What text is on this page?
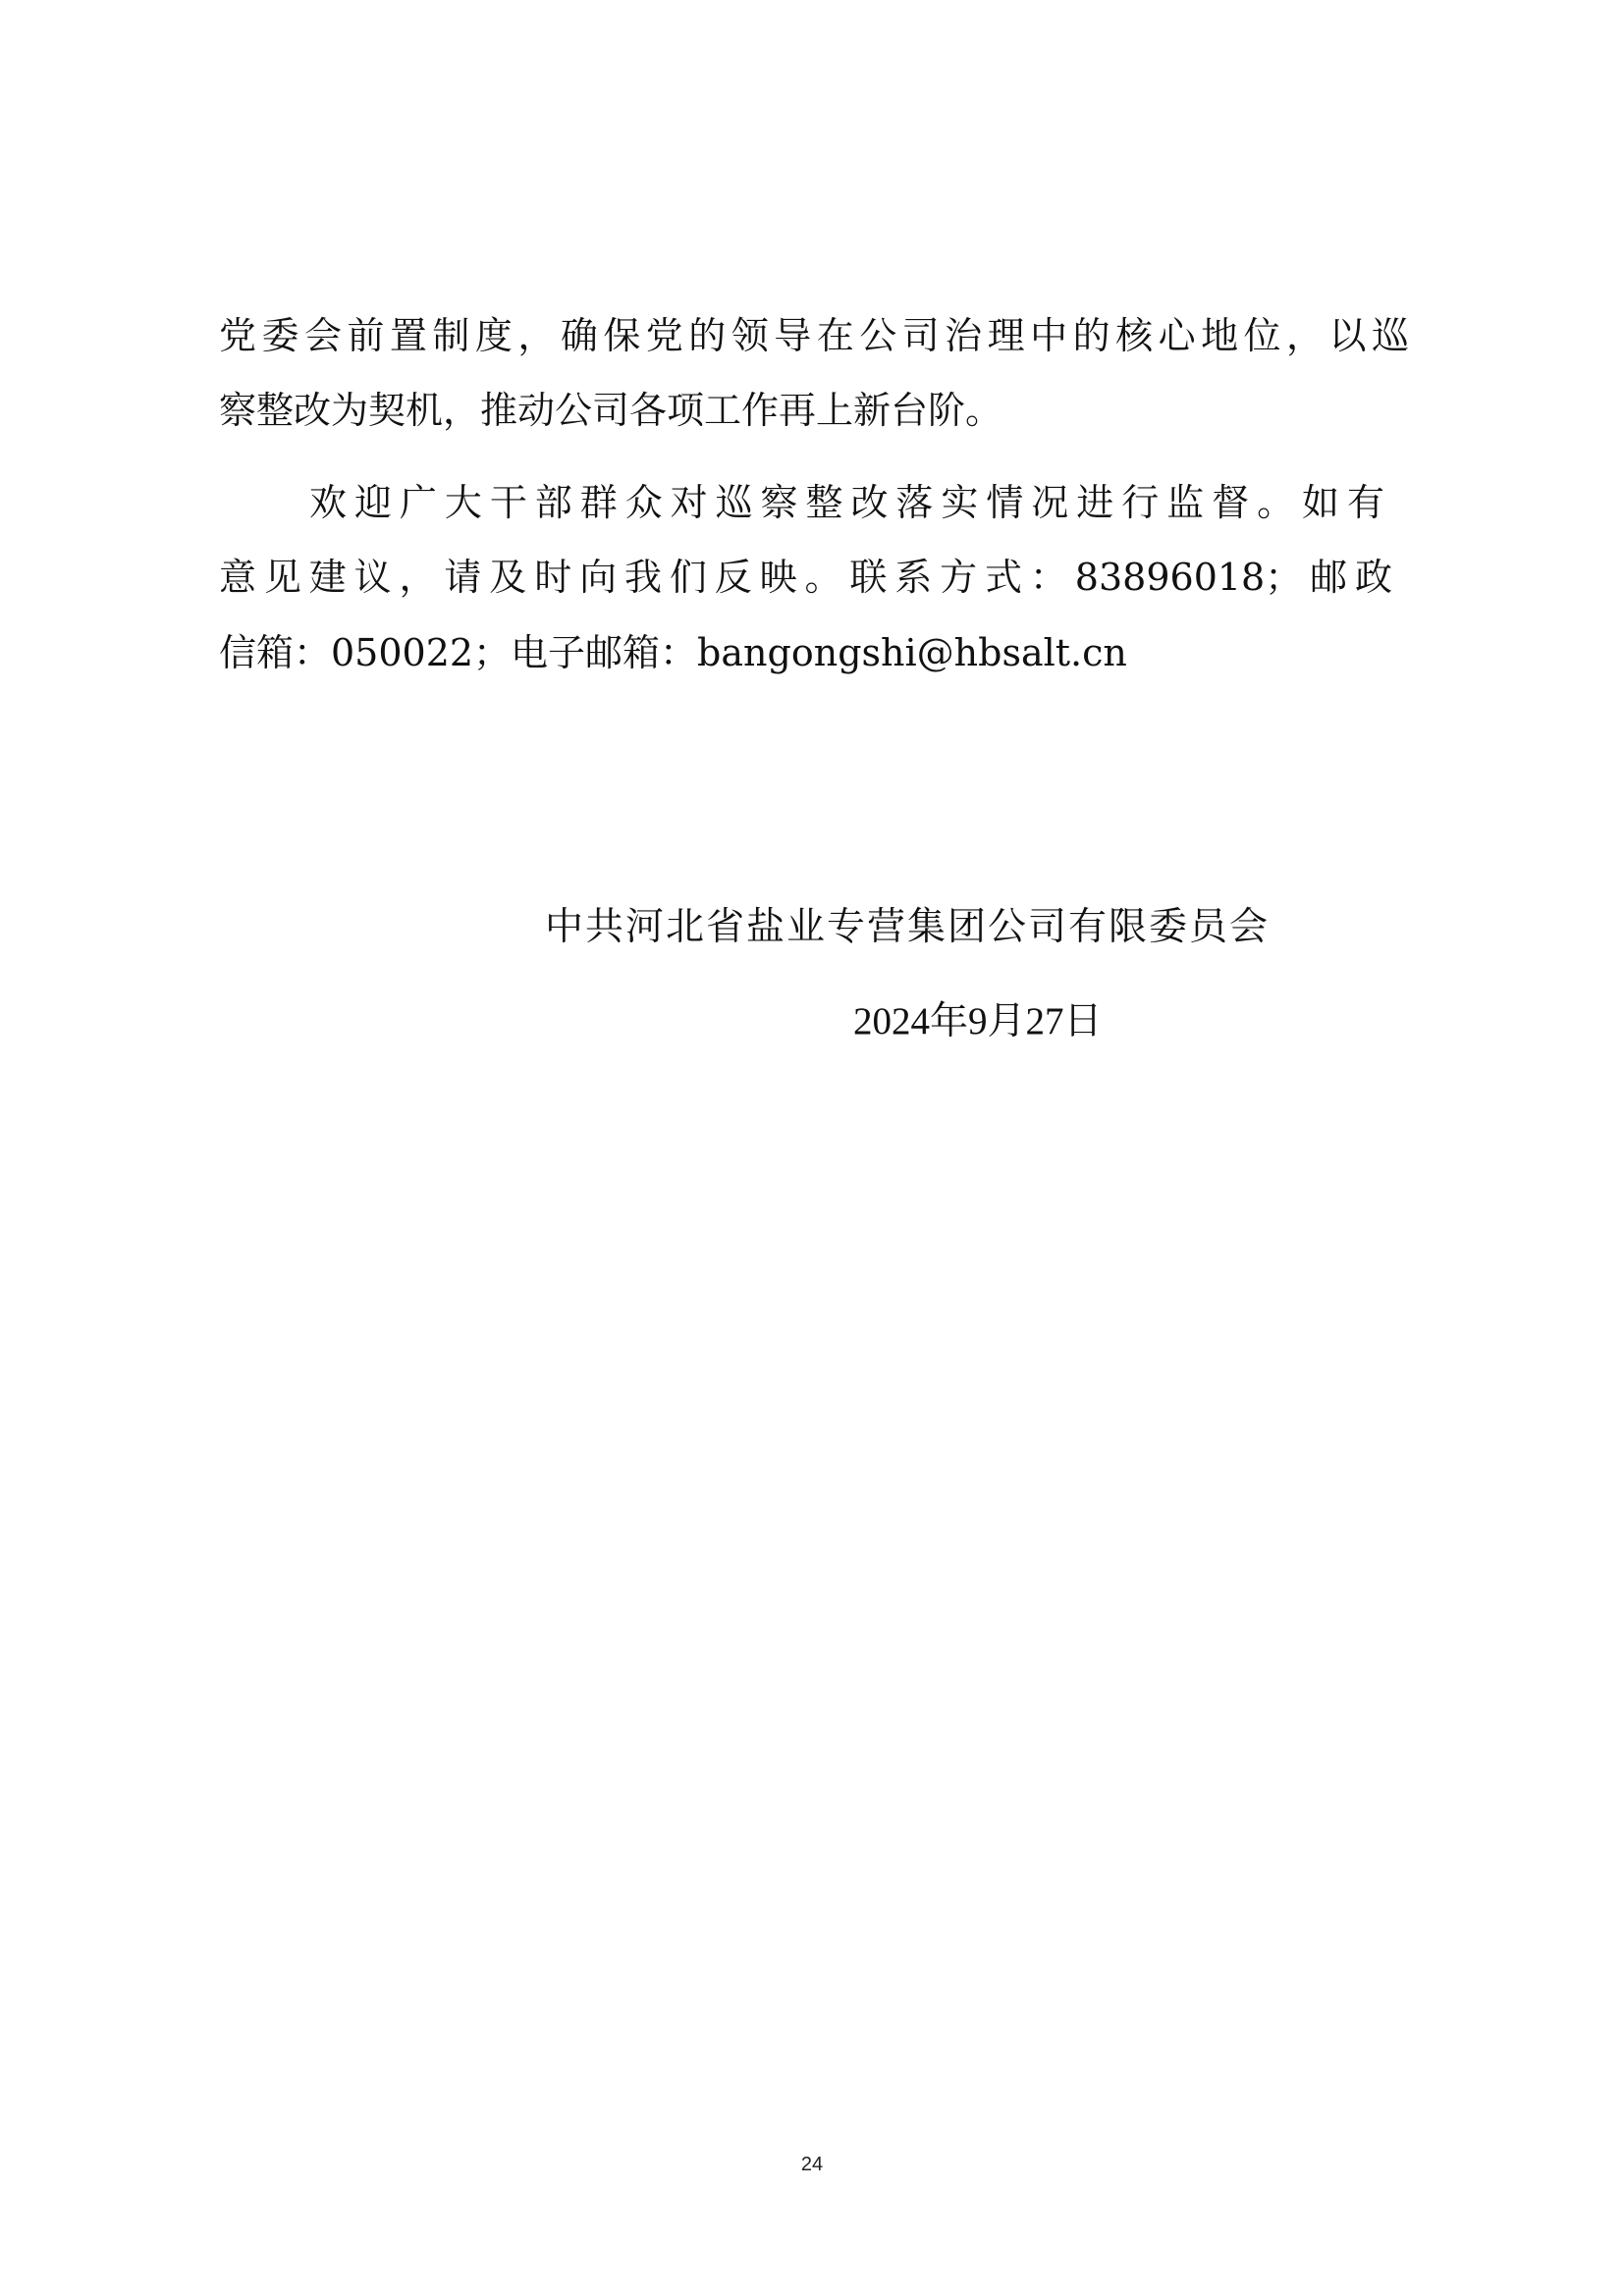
党委会前置制度，确保党的领导在公司治理中的核心地位，以巡
察整改为契机，推动公司各项工作再上新台阶。
欢迎广大干部群众对巡察整改落实情况进行监督。如有
意见建议，请及时向我们反映。联系方式：83896018；邮政
信箱：050022；电子邮箱：bangongshi@hbsalt.cn
中共河北省盐业专营集团公司有限委员会
2024年9月27日
24
